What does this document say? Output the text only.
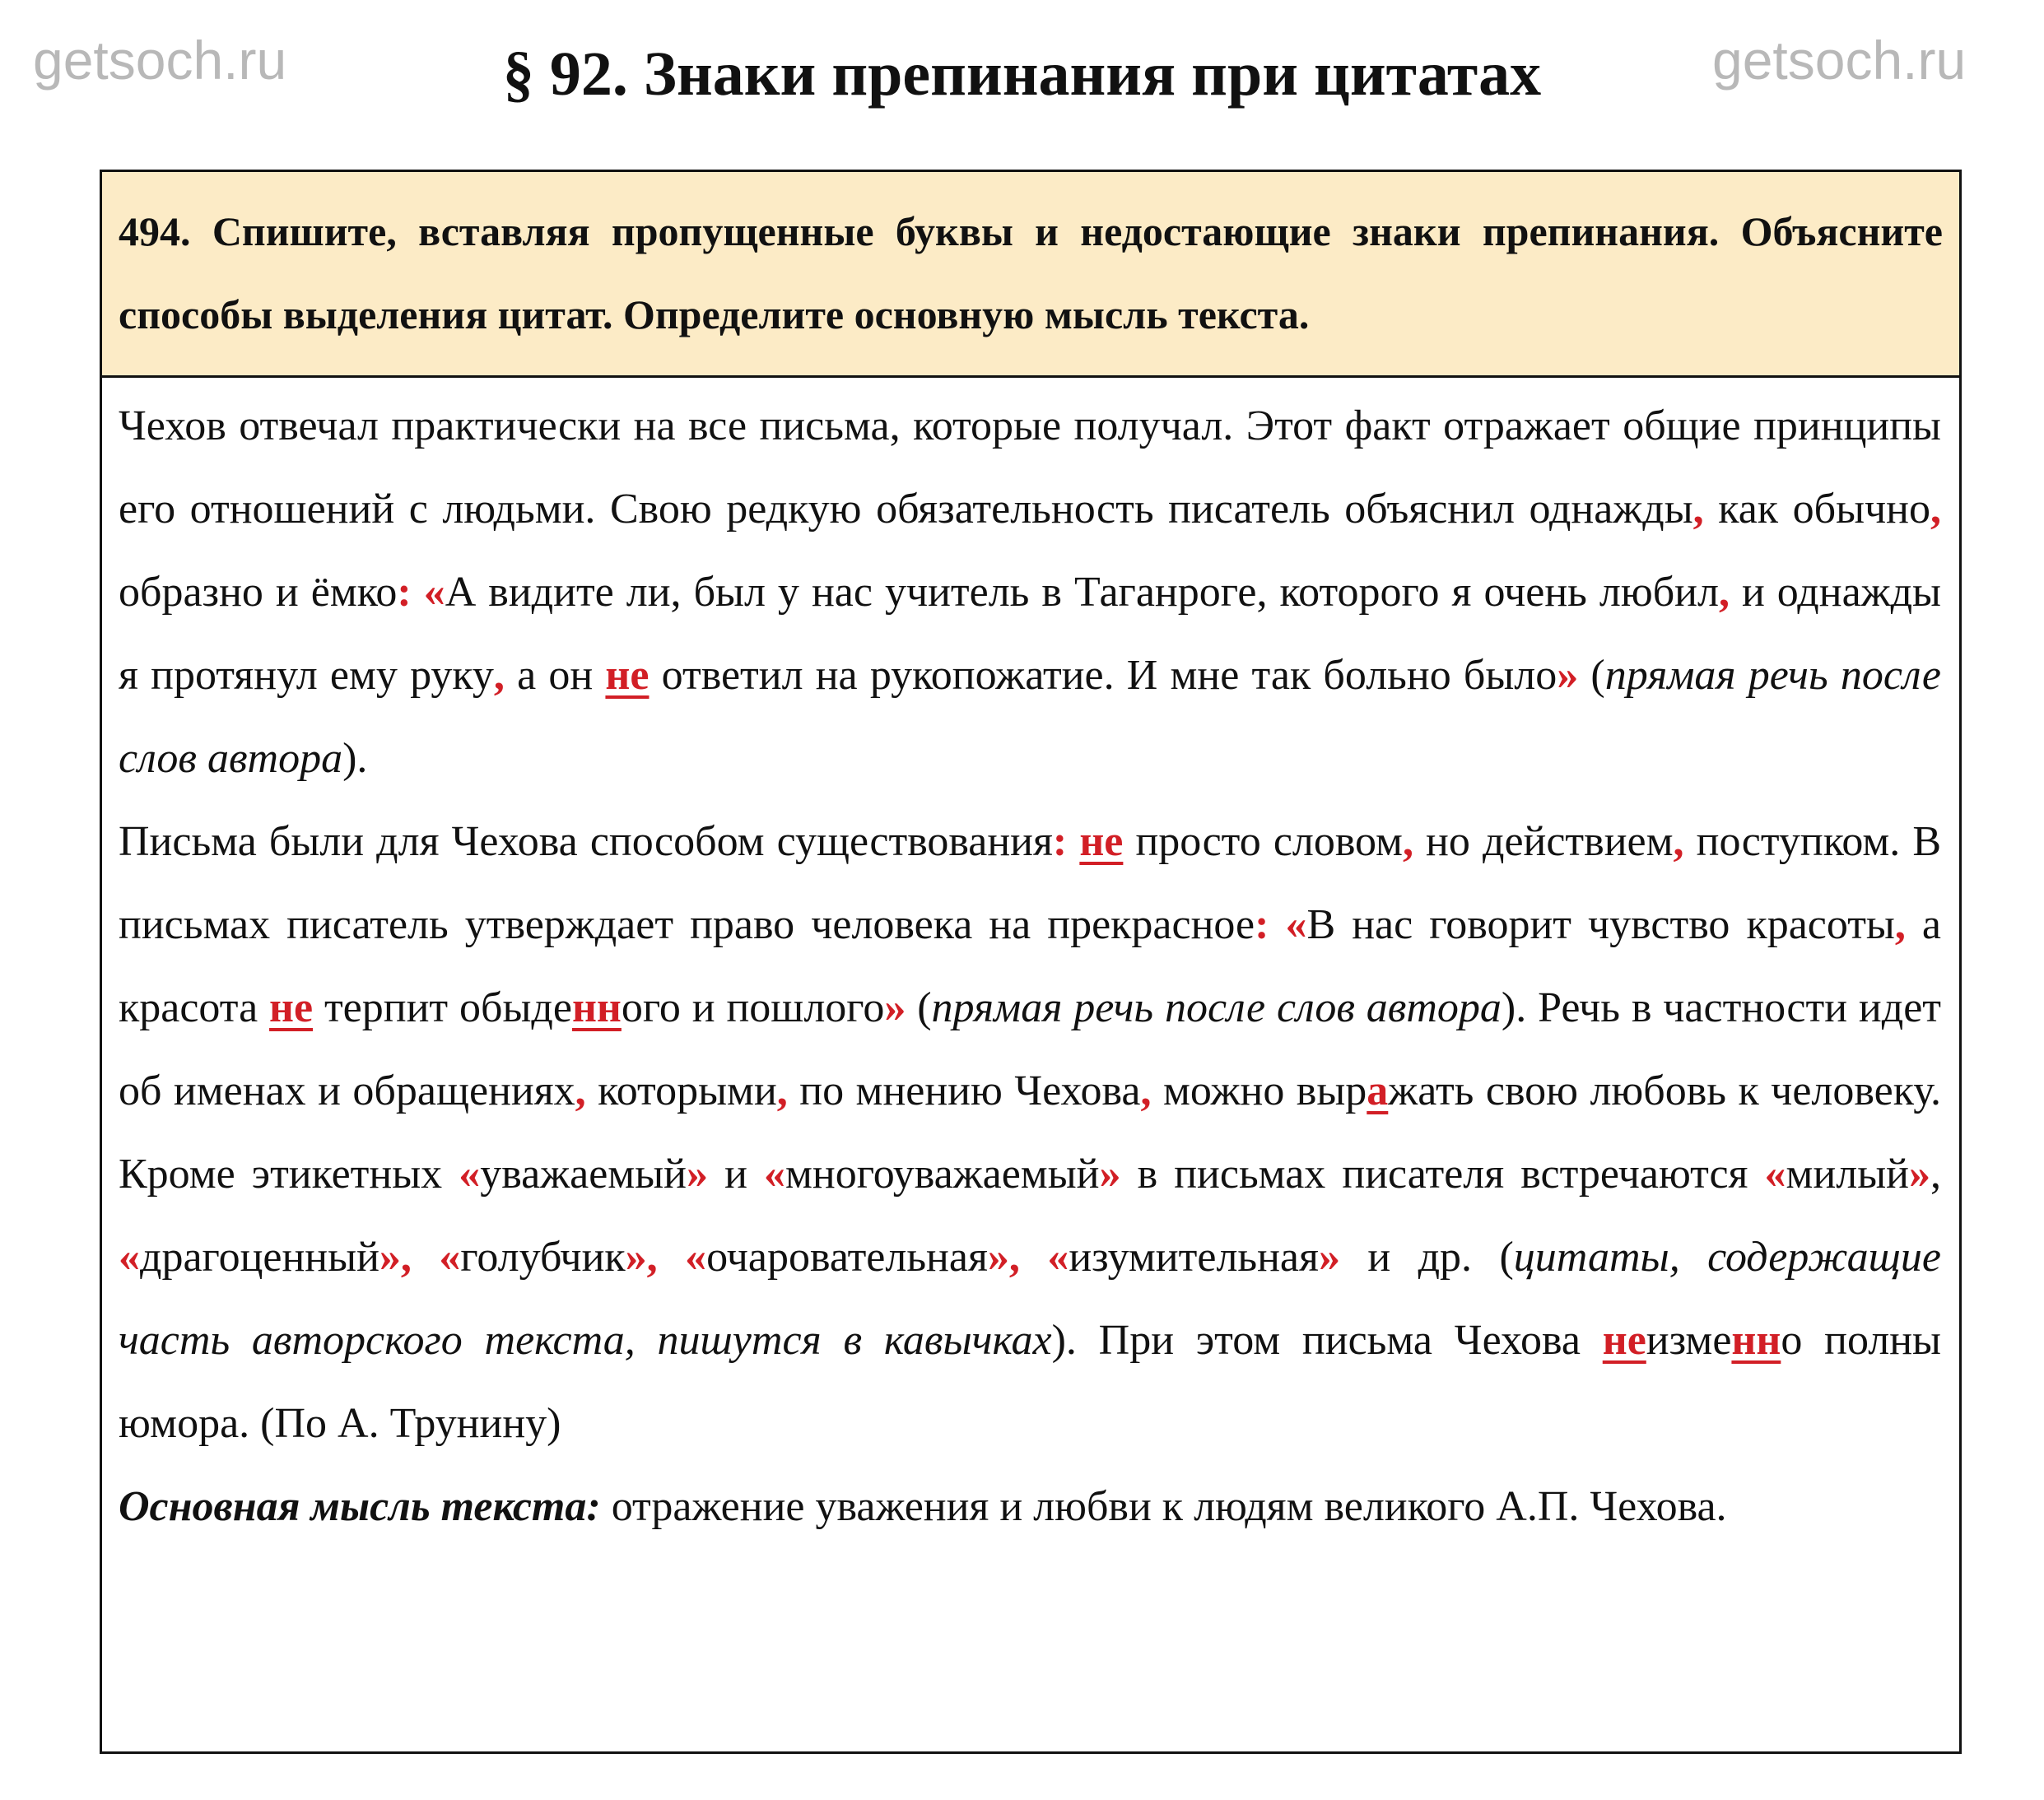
§ 92. Знаки препинания при цитатах
494. Спишите, вставляя пропущенные буквы и недостающие знаки препинания. Объясните способы выделения цитат. Определите основную мысль текста.

Чехов отвечал практически на все письма, которые получал. Этот факт отражает общие принципы его отношений с людьми. Свою редкую обязательность писатель объяснил однажды, как обычно, образно и ёмко: «А видите ли, был у нас учитель в Таганроге, которого я очень любил, и однажды я протянул ему руку, а он не ответил на рукопожатие. И мне так больно было» (прямая речь после слов автора).

Письма были для Чехова способом существования: не просто словом, но действием, поступком. В письмах писатель утверждает право человека на прекрасное: «В нас говорит чувство красоты, а красота не терпит обыденного и пошлого» (прямая речь после слов автора). Речь в частности идет об именах и обращениях, которыми, по мнению Чехова, можно выражать свою любовь к человеку. Кроме этикетных «уважаемый» и «многоуважаемый» в письмах писателя встречаются «милый», «драгоценный», «голубчик», «очаровательная», «изумительная» и др. (цитаты, содержащие часть авторского текста, пишутся в кавычках). При этом письма Чехова неизменно полны юмора. (По А. Трунину)

Основная мысль текста: отражение уважения и любви к людям великого А.П. Чехова.

getsoch.ru	getsoch.ru
